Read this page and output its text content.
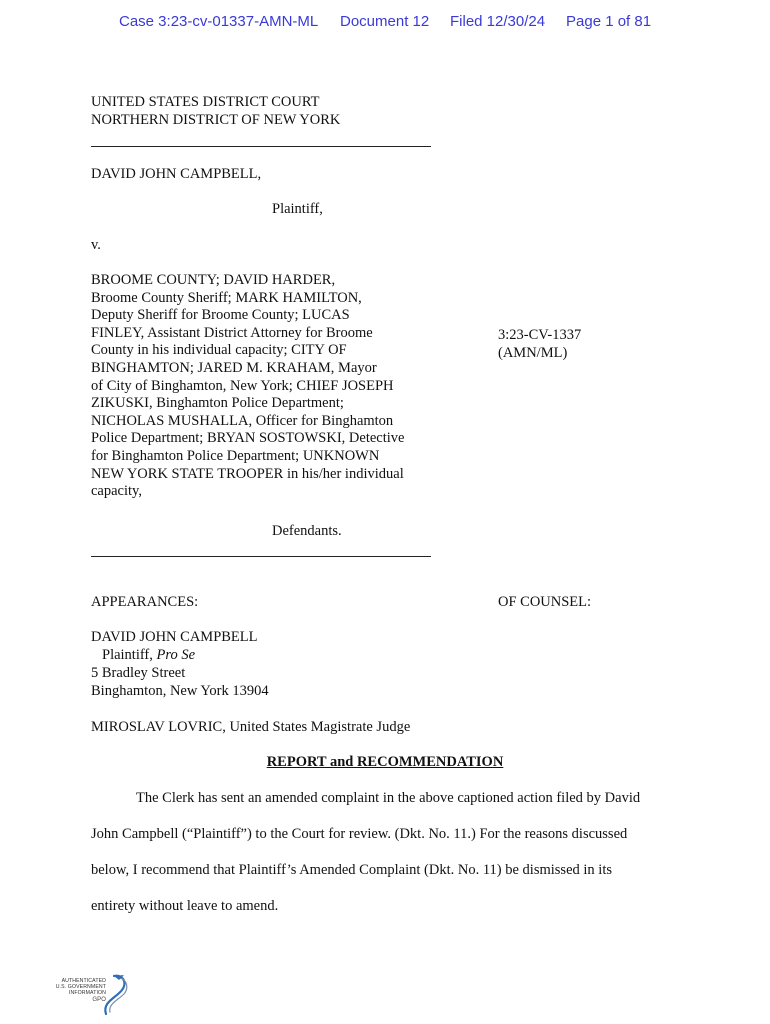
Case 3:23-cv-01337-AMN-ML Document 12 Filed 12/30/24 Page 1 of 81
UNITED STATES DISTRICT COURT
NORTHERN DISTRICT OF NEW YORK
DAVID JOHN CAMPBELL,
Plaintiff,
v.
BROOME COUNTY; DAVID HARDER,
Broome County Sheriff; MARK HAMILTON,
Deputy Sheriff for Broome County; LUCAS
FINLEY, Assistant District Attorney for Broome
County in his individual capacity; CITY OF
BINGHAMTON; JARED M. KRAHAM, Mayor
of City of Binghamton, New York; CHIEF JOSEPH
ZIKUSKI, Binghamton Police Department;
NICHOLAS MUSHALLA, Officer for Binghamton
Police Department; BRYAN SOSTOWSKI, Detective
for Binghamton Police Department; UNKNOWN
NEW YORK STATE TROOPER in his/her individual
capacity,
3:23-CV-1337
(AMN/ML)
Defendants.
APPEARANCES:	OF COUNSEL:
DAVID JOHN CAMPBELL
Plaintiff, Pro Se
5 Bradley Street
Binghamton, New York 13904
MIROSLAV LOVRIC, United States Magistrate Judge
REPORT and RECOMMENDATION
The Clerk has sent an amended complaint in the above captioned action filed by David
John Campbell (“Plaintiff”) to the Court for review. (Dkt. No. 11.) For the reasons discussed
below, I recommend that Plaintiff’s Amended Complaint (Dkt. No. 11) be dismissed in its
entirety without leave to amend.
AUTHENTICATED
U.S. GOVERNMENT
INFORMATION
GPO
